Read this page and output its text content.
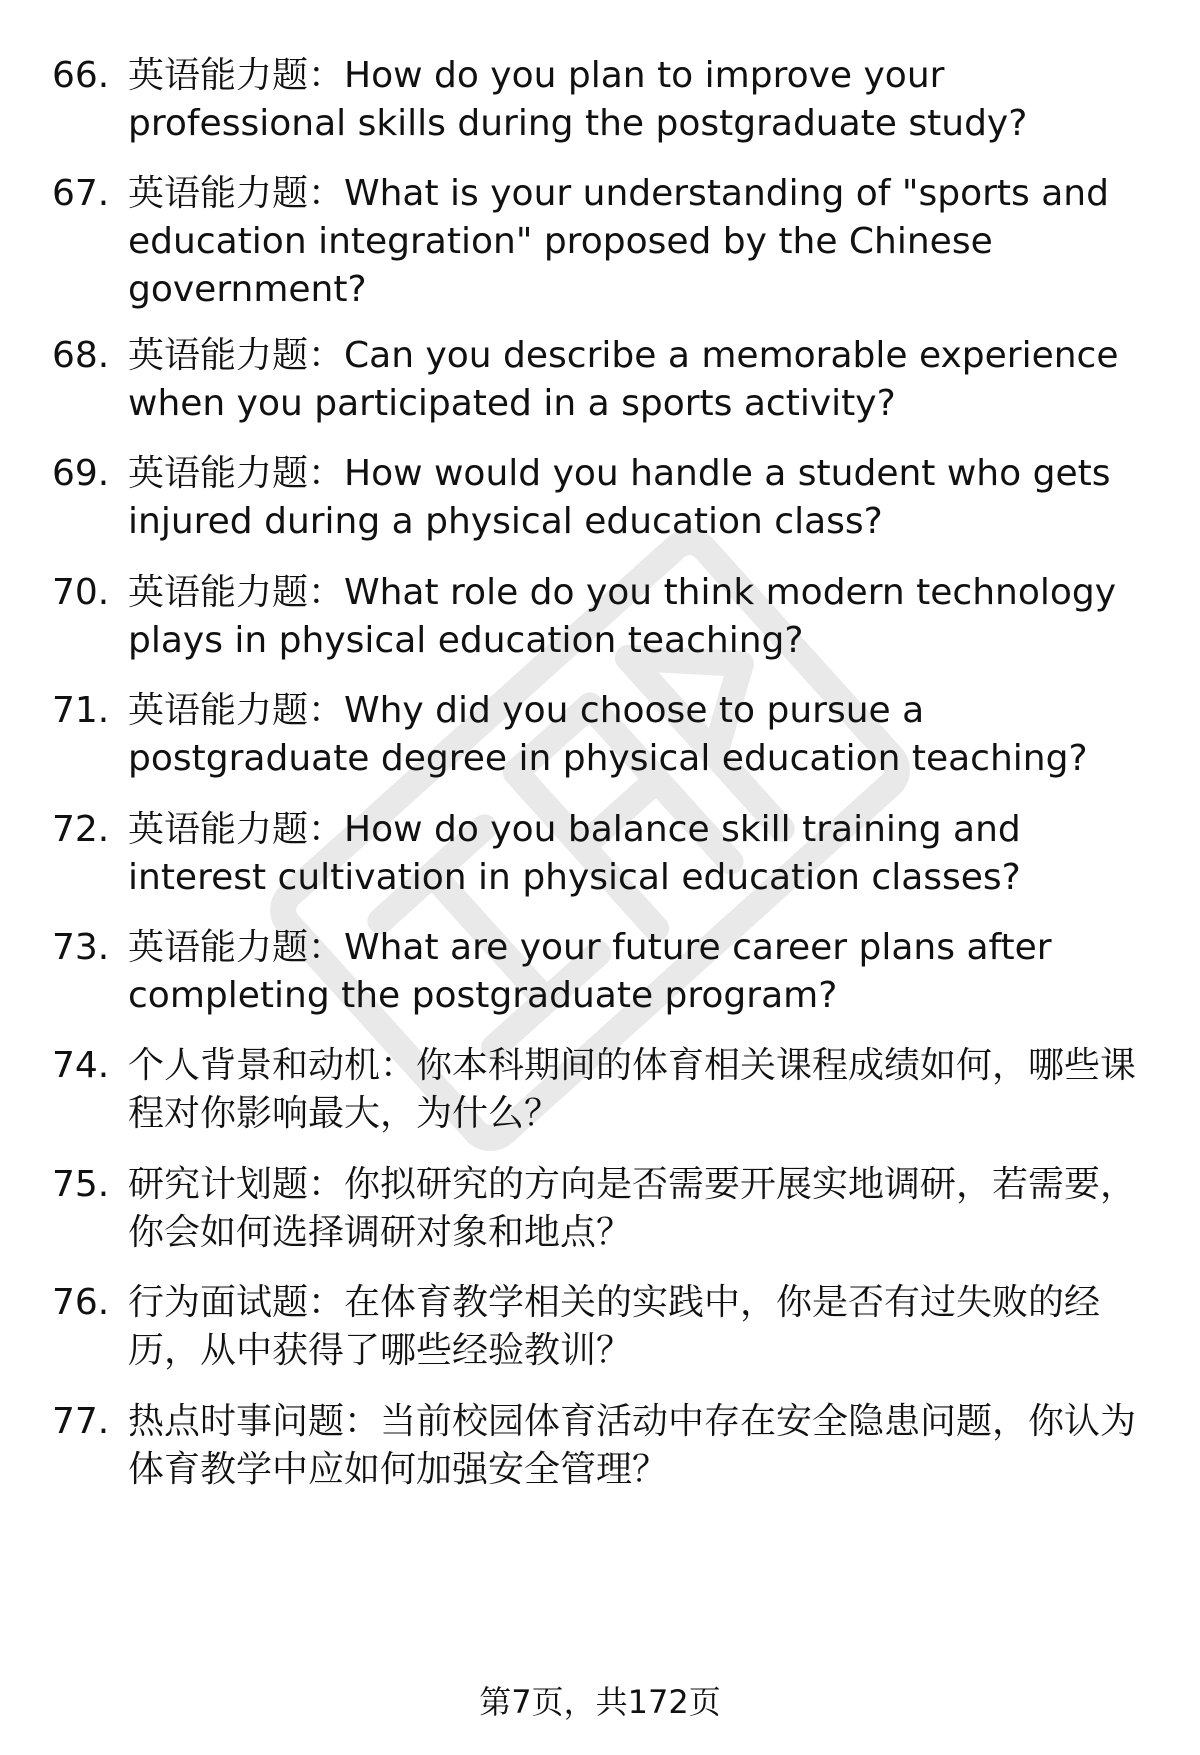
66. 英语能力题：How do you plan to improve your professional skills during the postgraduate study?
67. 英语能力题：What is your understanding of "sports and education integration" proposed by the Chinese government?
68. 英语能力题：Can you describe a memorable experience when you participated in a sports activity?
69. 英语能力题：How would you handle a student who gets injured during a physical education class?
70. 英语能力题：What role do you think modern technology plays in physical education teaching?
71. 英语能力题：Why did you choose to pursue a postgraduate degree in physical education teaching?
72. 英语能力题：How do you balance skill training and interest cultivation in physical education classes?
73. 英语能力题：What are your future career plans after completing the postgraduate program?
74. 个人背景和动机：你本科期间的体育相关课程成绩如何，哪些课程对你影响最大，为什么？
75. 研究计划题：你拟研究的方向是否需要开展实地调研，若需要，你会如何选择调研对象和地点？
76. 行为面试题：在体育教学相关的实践中，你是否有过失败的经历，从中获得了哪些经验教训？
77. 热点时事问题：当前校园体育活动中存在安全隐患问题，你认为体育教学中应如何加强安全管理？
第7页，共172页
